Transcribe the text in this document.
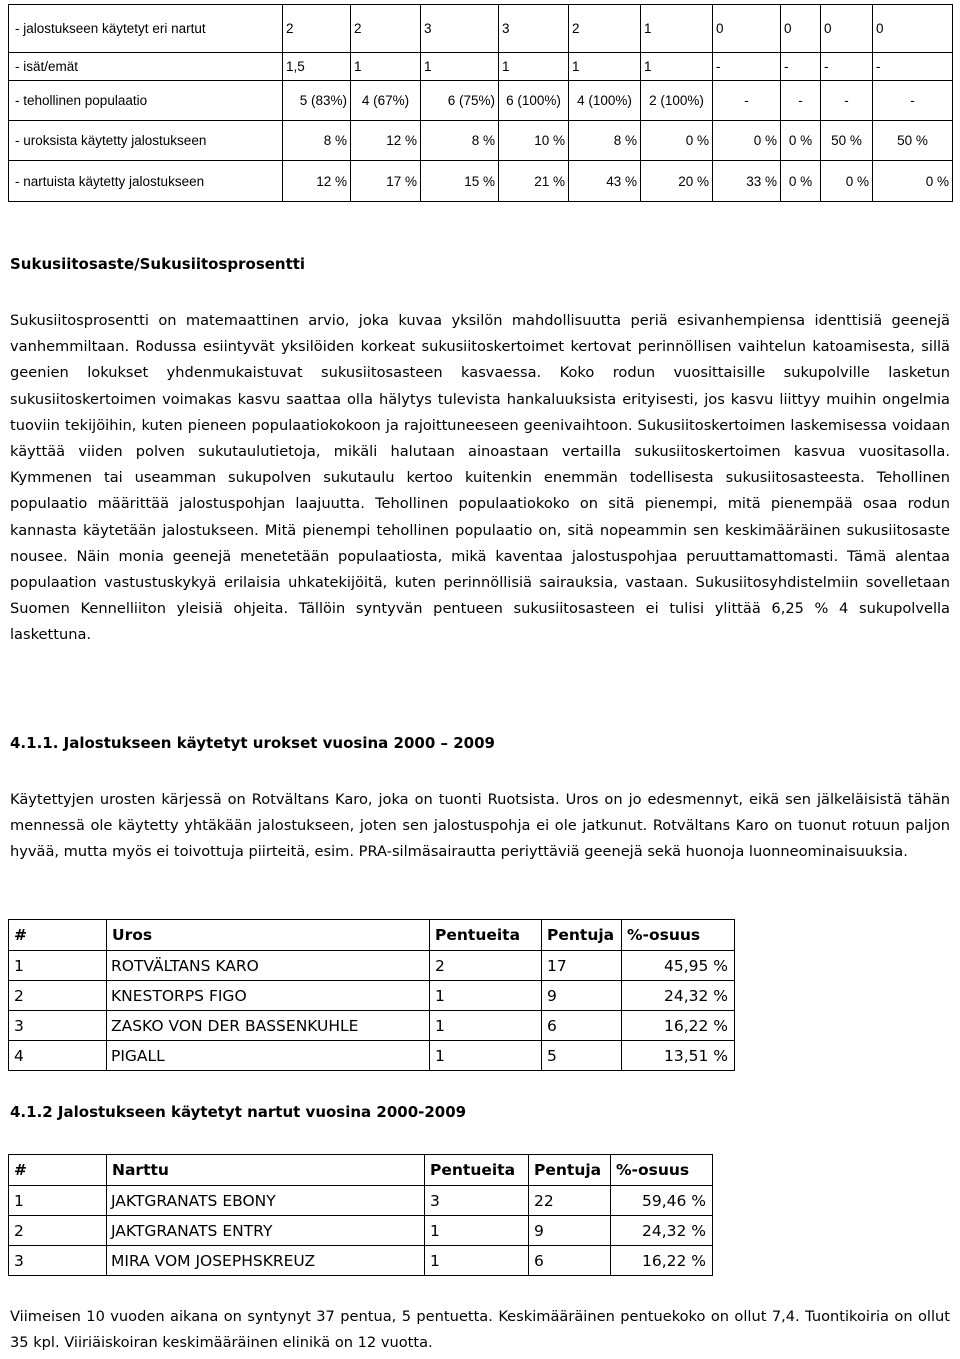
- jalostukseen käytetyt eri nartut	2	2	3	3	2	1	0	0	0	0
- isät/emät	1,5	1	1	1	1	1	-	-	-	-
- tehollinen populaatio	5 (83%)	4 (67%)	6 (75%)	6 (100%)	4 (100%)	2 (100%)	-	-	-	-
- uroksista käytetty jalostukseen	8 %	12 %	8 %	10 %	8 %	0 %	0 %	0 %	50 %	50 %
- nartuista käytetty jalostukseen	12 %	17 %	15 %	21 %	43 %	20 %	33 %	0 %	0 %	0 %
Sukusiitosaste/Sukusiitosprosentti
Sukusiitosprosentti on matemaattinen arvio, joka kuvaa yksilön mahdollisuutta periä esivanhempiensa identtisiä geenejä vanhemmiltaan. Rodussa esiintyvät yksilöiden korkeat sukusiitoskertoimet kertovat perinnöllisen vaihtelun katoamisesta, sillä geenien lokukset yhdenmukaistuvat sukusiitosasteen kasvaessa. Koko rodun vuosittaisille sukupolville lasketun sukusiitoskertoimen voimakas kasvu saattaa olla hälytys tulevista hankaluuksista erityisesti, jos kasvu liittyy muihin ongelmia tuoviin tekijöihin, kuten pieneen populaatiokokoon ja rajoittuneeseen geenivaihtoon. Sukusiitoskertoimen laskemisessa voidaan käyttää viiden polven sukutaulutietoja, mikäli halutaan ainoastaan vertailla sukusiitoskertoimen kasvua vuositasolla. Kymmenen tai useamman sukupolven sukutaulu kertoo kuitenkin enemmän todellisesta sukusiitosasteesta. Tehollinen populaatio määrittää jalostuspohjan laajuutta. Tehollinen populaatiokoko on sitä pienempi, mitä pienempää osaa rodun kannasta käytetään jalostukseen. Mitä pienempi tehollinen populaatio on, sitä nopeammin sen keskimääräinen sukusiitosaste nousee. Näin monia geenejä menetetään populaatiosta, mikä kaventaa jalostuspohjaa peruuttamattomasti. Tämä alentaa populaation vastustuskykyä erilaisia uhkatekijöitä, kuten perinnöllisiä sairauksia, vastaan. Sukusiitosyhdistelmiin sovelletaan Suomen Kennelliiton yleisiä ohjeita. Tällöin syntyvän pentueen sukusiitosasteen ei tulisi ylittää 6,25 % 4 sukupolvella laskettuna.
4.1.1. Jalostukseen käytetyt urokset vuosina 2000 – 2009
Käytettyjen urosten kärjessä on Rotvältans Karo, joka on tuonti Ruotsista. Uros on jo edesmennyt, eikä sen jälkeläisistä tähän mennessä ole käytetty yhtäkään jalostukseen, joten sen jalostuspohja ei ole jatkunut. Rotvältans Karo on tuonut rotuun paljon hyvää, mutta myös ei toivottuja piirteitä, esim. PRA-silmäsairautta periyttäviä geenejä sekä huonoja luonneominaisuuksia.
#	Uros	Pentueita	Pentuja	%-osuus
1	ROTVÄLTANS KARO	2	17	45,95 %
2	KNESTORPS FIGO	1	9	24,32 %
3	ZASKO VON DER BASSENKUHLE	1	6	16,22 %
4	PIGALL	1	5	13,51 %
4.1.2 Jalostukseen käytetyt nartut vuosina 2000-2009
#	Narttu	Pentueita	Pentuja	%-osuus
1	JAKTGRANATS EBONY	3	22	59,46 %
2	JAKTGRANATS ENTRY	1	9	24,32 %
3	MIRA VOM JOSEPHSKREUZ	1	6	16,22 %
Viimeisen 10 vuoden aikana on syntynyt 37 pentua, 5 pentuetta. Keskimääräinen pentuekoko on ollut 7,4. Tuontikoiria on ollut 35 kpl. Viiriäiskoiran keskimääräinen elinikä on 12 vuotta.
